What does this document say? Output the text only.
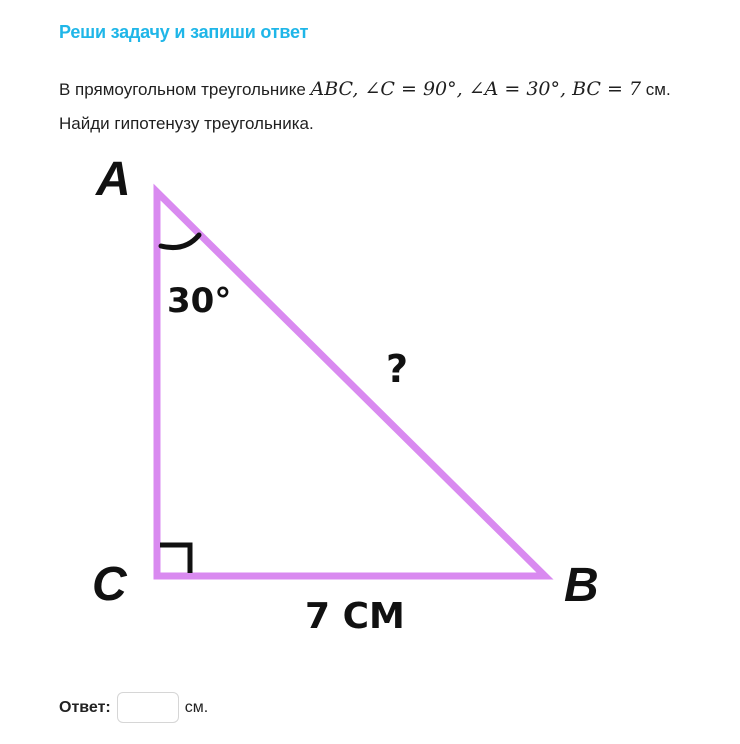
Реши задачу и запиши ответ
В прямоугольном треугольнике ABC, ∠C = 90°, ∠A = 30°, BC = 7 см.
Найди гипотенузу треугольника.
A
C	B
30°
?
7 СМ
Ответ:	см.
